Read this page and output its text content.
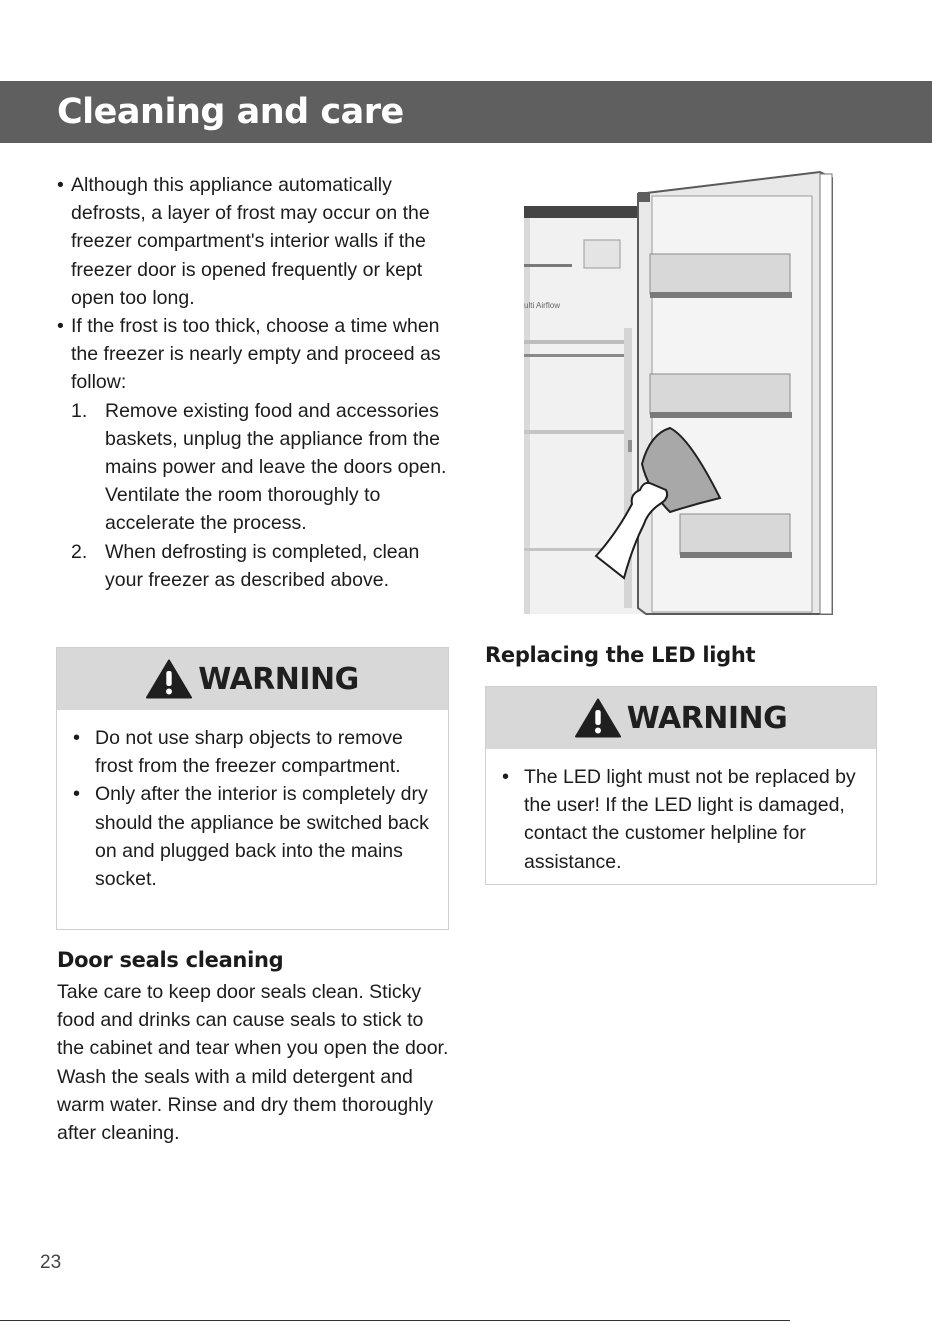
Cleaning and care
• Although this appliance automatically defrosts, a layer of frost may occur on the freezer compartment's interior walls if the freezer door is opened frequently or kept open too long.
• If the frost is too thick, choose a time when the freezer is nearly empty and proceed as follow:
1. Remove existing food and accessories baskets, unplug the appliance from the mains power and leave the doors open. Ventilate the room thoroughly to accelerate the process.
2. When defrosting is completed, clean your freezer as described above.
WARNING
• Do not use sharp objects to remove frost from the freezer compartment.
• Only after the interior is completely dry should the appliance be switched back on and plugged back into the mains socket.
Door seals cleaning

Take care to keep door seals clean. Sticky food and drinks can cause seals to stick to the cabinet and tear when you open the door. Wash the seals with a mild detergent and warm water. Rinse and dry them thoroughly after cleaning.

ulti Airflow
Replacing the LED light
WARNING
• The LED light must not be replaced by the user! If the LED light is damaged, contact the customer helpline for assistance.
23
